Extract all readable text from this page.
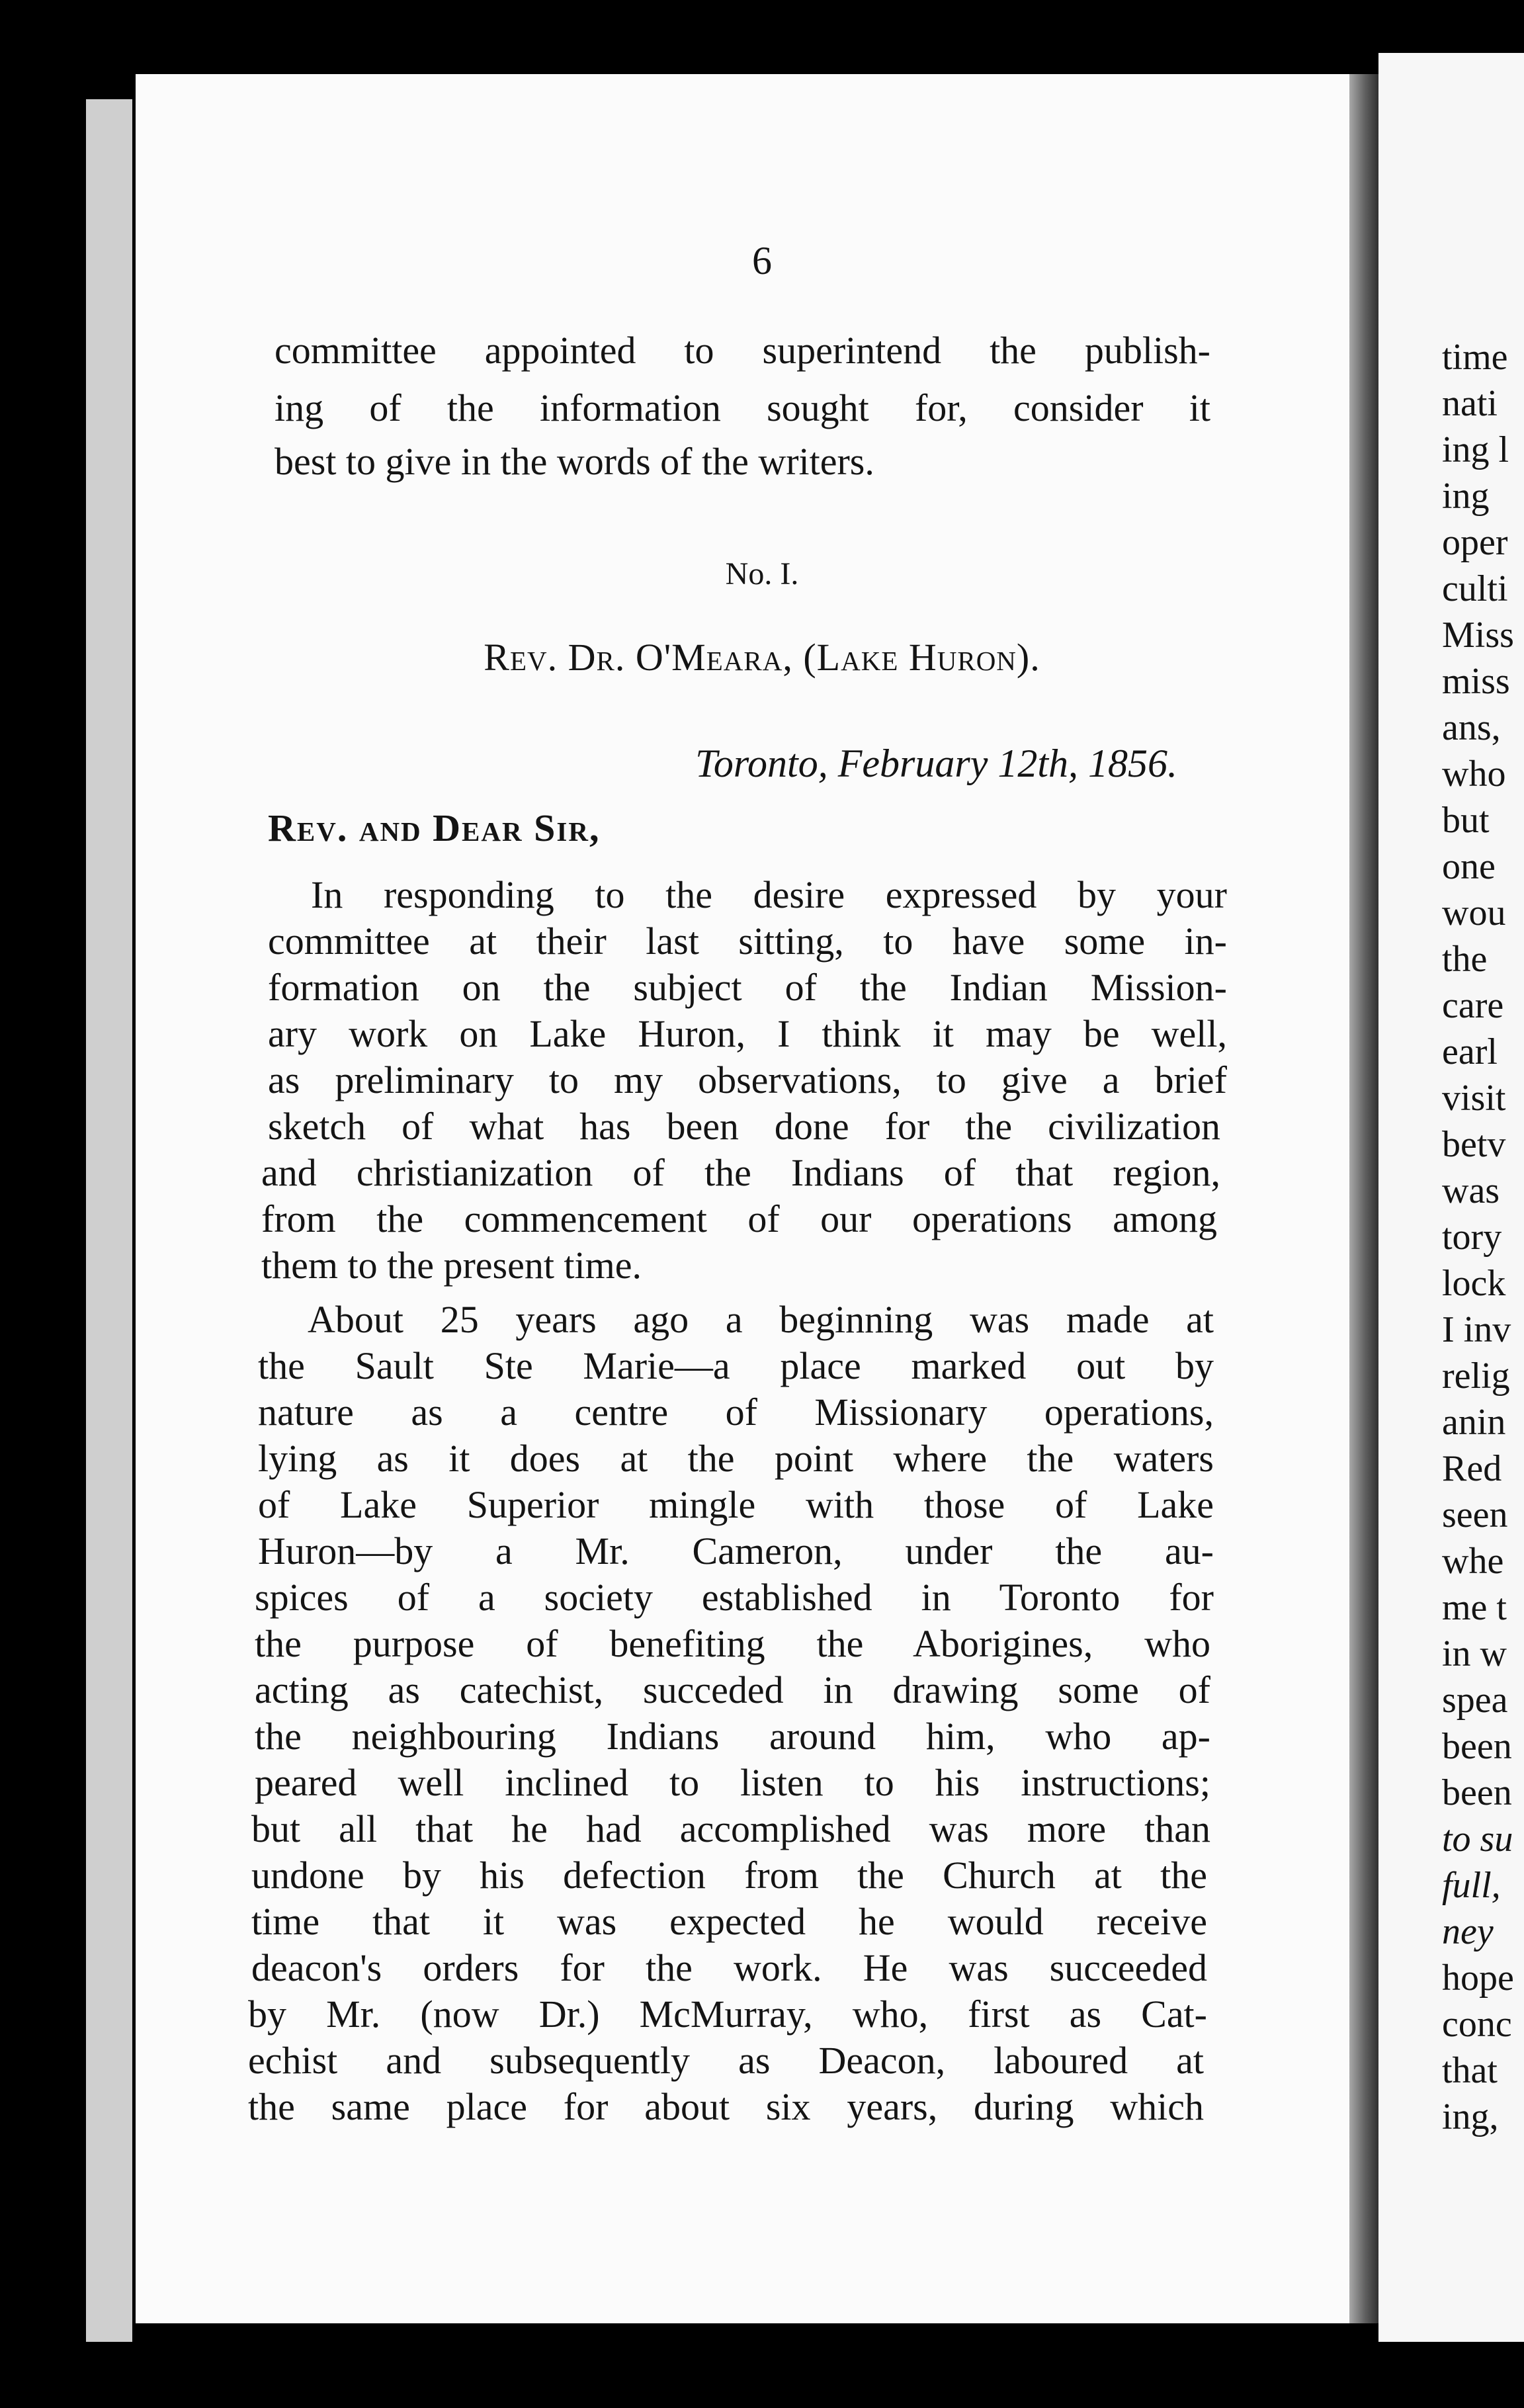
6

committee appointed to superintend the publish-

ing of the information sought for, consider it

best to give in the words of the writers.

No. I.
Rev. Dr. O'Meara, (Lake Huron).
Toronto, February 12th, 1856.
Rev. and Dear Sir,

In responding to the desire expressed by your

committee at their last sitting, to have some in-

formation on the subject of the Indian Mission-

ary work on Lake Huron, I think it may be well,

as preliminary to my observations, to give a brief

sketch of what has been done for the civilization

and christianization of the Indians of that region,

from the commencement of our operations among

them to the present time.

About 25 years ago a beginning was made at

the Sault Ste Marie—a place marked out by

nature as a centre of Missionary operations,

lying as it does at the point where the waters

of Lake Superior mingle with those of Lake

Huron—by a Mr. Cameron, under the au-

spices of a society established in Toronto for

the purpose of benefiting the Aborigines, who

acting as catechist, succeded in drawing some of

the neighbouring Indians around him, who ap-

peared well inclined to listen to his instructions;

but all that he had accomplished was more than

undone by his defection from the Church at the

time that it was expected he would receive

deacon's orders for the work. He was succeeded

by Mr. (now Dr.) McMurray, who, first as Cat-

echist and subsequently as Deacon, laboured at

the same place for about six years, during which

time

nati

ing l

ing

oper

culti

Miss

miss

ans,

who

but

one

wou

the

care

earl

visit

betv

was

tory

lock

I inv

relig

anin

Red

seen

whe

me t

in w

spea

been

been

to su

full,

ney

hope

conc

that

ing,
